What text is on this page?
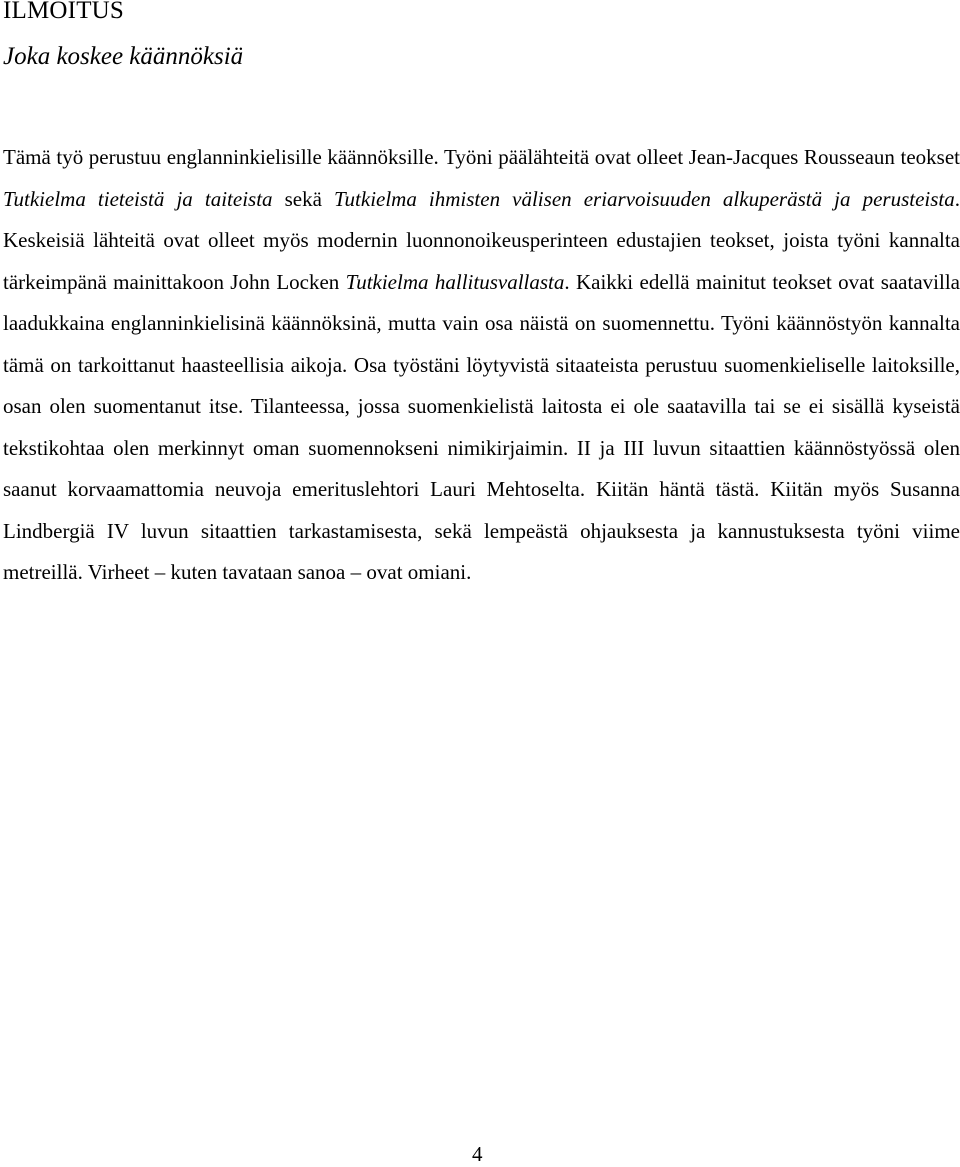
ILMOITUS
Joka koskee käännöksiä

Tämä työ perustuu englanninkielisille käännöksille. Työni päälähteitä ovat olleet Jean-Jacques Rousseaun teokset Tutkielma tieteistä ja taiteista sekä Tutkielma ihmisten välisen eriarvoisuuden alkuperästä ja perusteista. Keskeisiä lähteitä ovat olleet myös modernin luonnonoikeusperinteen edustajien teokset, joista työni kannalta tärkeimpänä mainittakoon John Locken Tutkielma hallitusvallasta. Kaikki edellä mainitut teokset ovat saatavilla laadukkaina englanninkielisinä käännöksinä, mutta vain osa näistä on suomennettu. Työni käännöstyön kannalta tämä on tarkoittanut haasteellisia aikoja. Osa työstäni löytyvistä sitaateista perustuu suomenkieliselle laitoksille, osan olen suomentanut itse. Tilanteessa, jossa suomenkielistä laitosta ei ole saatavilla tai se ei sisällä kyseistä tekstikohtaa olen merkinnyt oman suomennokseni nimikirjaimin. II ja III luvun sitaattien käännöstyössä olen saanut korvaamattomia neuvoja emerituslehtori Lauri Mehtoselta. Kiitän häntä tästä. Kiitän myös Susanna Lindbergiä IV luvun sitaattien tarkastamisesta, sekä lempeästä ohjauksesta ja kannustuksesta työni viime metreillä. Virheet – kuten tavataan sanoa – ovat omiani.

4
